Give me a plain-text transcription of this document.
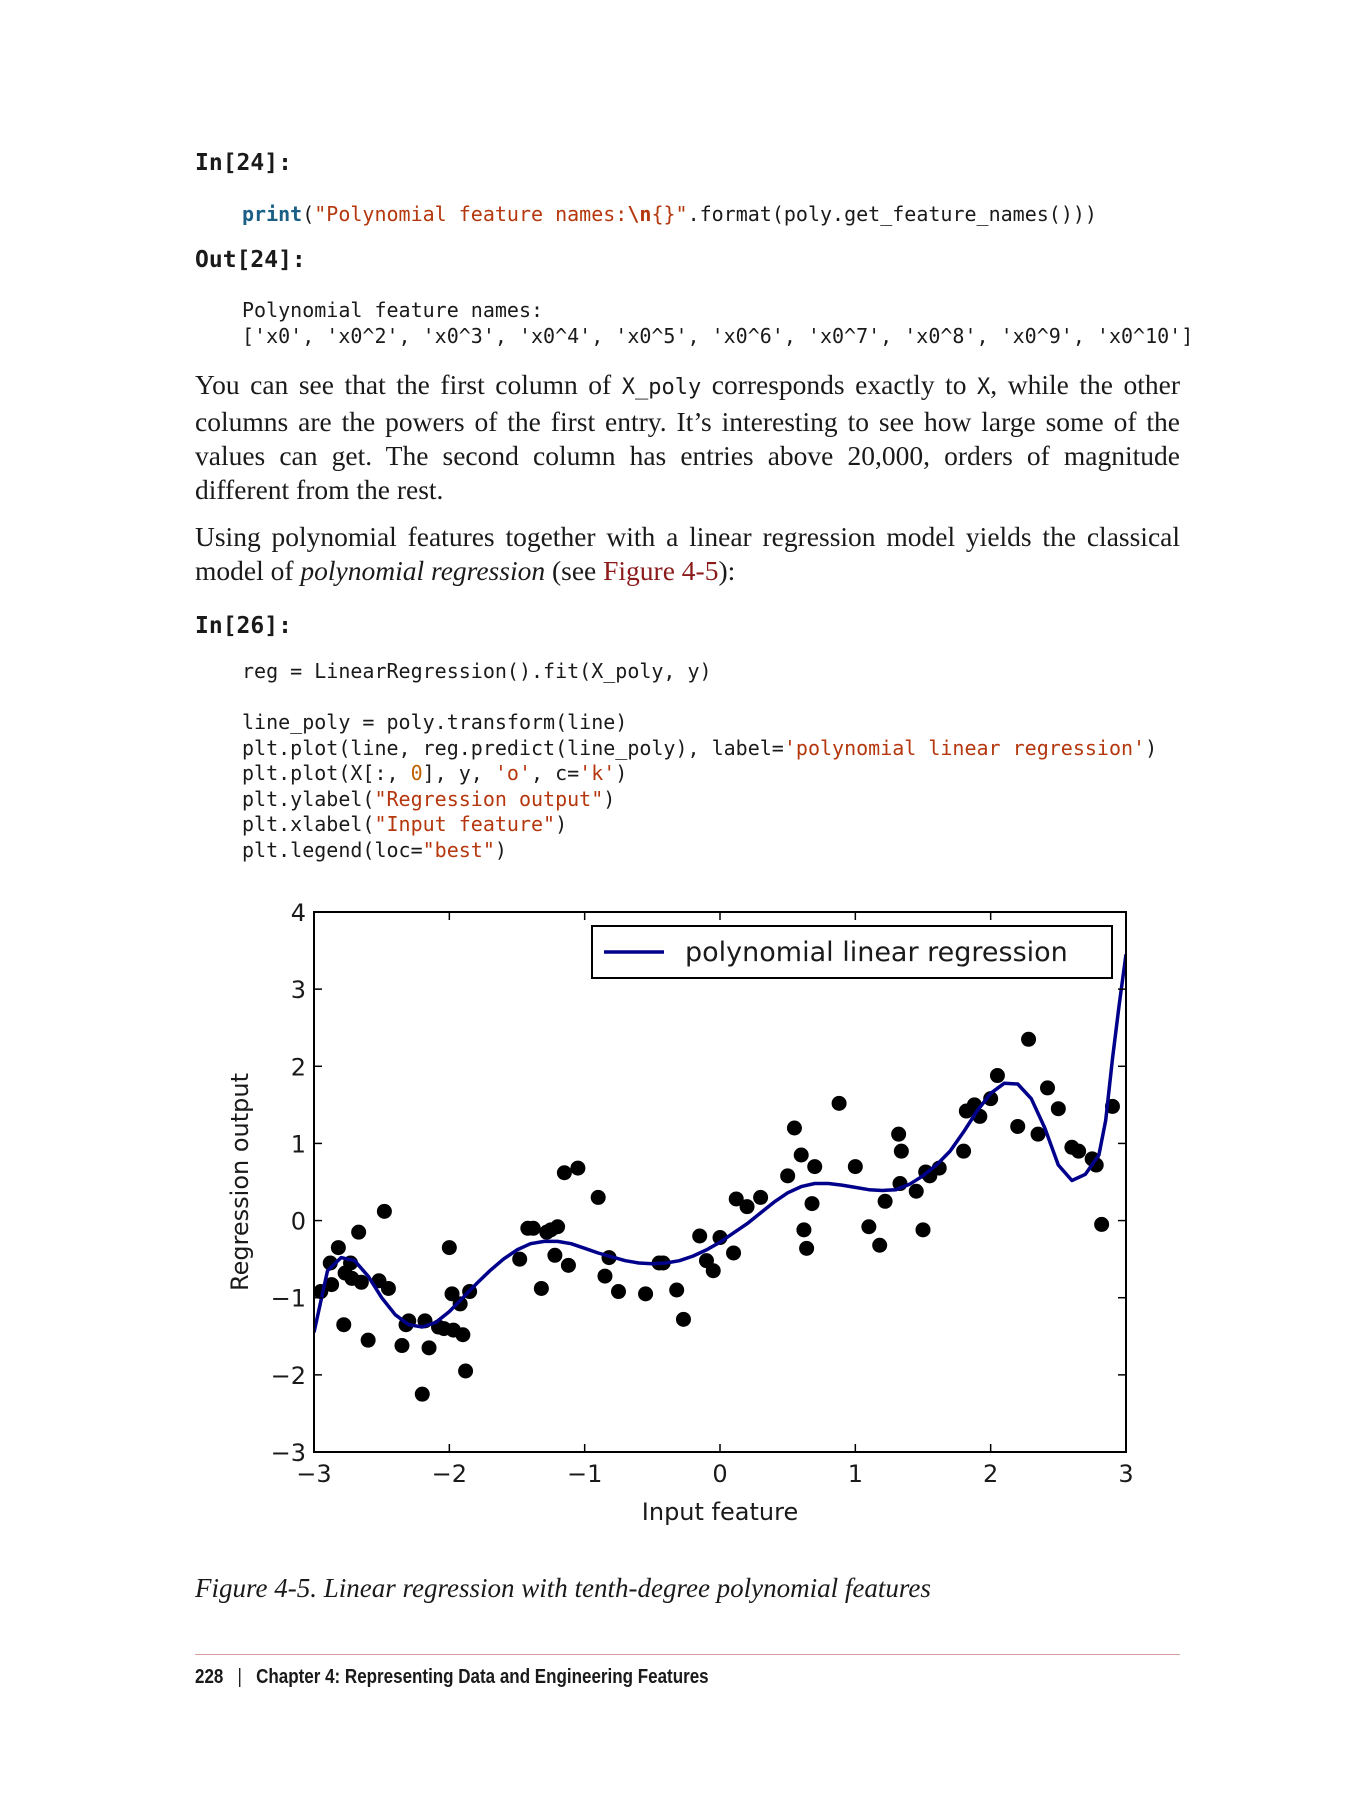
In[24]:
print("Polynomial feature names:\n{}".format(poly.get_feature_names()))
Out[24]:
Polynomial feature names:
['x0', 'x0^2', 'x0^3', 'x0^4', 'x0^5', 'x0^6', 'x0^7', 'x0^8', 'x0^9', 'x0^10']

You can see that the first column of X_poly corresponds exactly to X, while the other columns are the powers of the first entry. It’s interesting to see how large some of the values can get. The second column has entries above 20,000, orders of magnitude different from the rest.

Using polynomial features together with a linear regression model yields the classical model of polynomial regression (see Figure 4-5):

In[26]:
reg = LinearRegression().fit(X_poly, y)

line_poly = poly.transform(line)
plt.plot(line, reg.predict(line_poly), label='polynomial linear regression')
plt.plot(X[:, 0], y, 'o', c='k')
plt.ylabel("Regression output")
plt.xlabel("Input feature")
plt.legend(loc="best")
−3	−2	−1	0	1	2	3
−3
−2
−1
0
1
2
3
4
polynomial linear regression
Input feature
Regression output
Figure 4-5. Linear regression with tenth-degree polynomial features
228 | Chapter 4: Representing Data and Engineering Features
